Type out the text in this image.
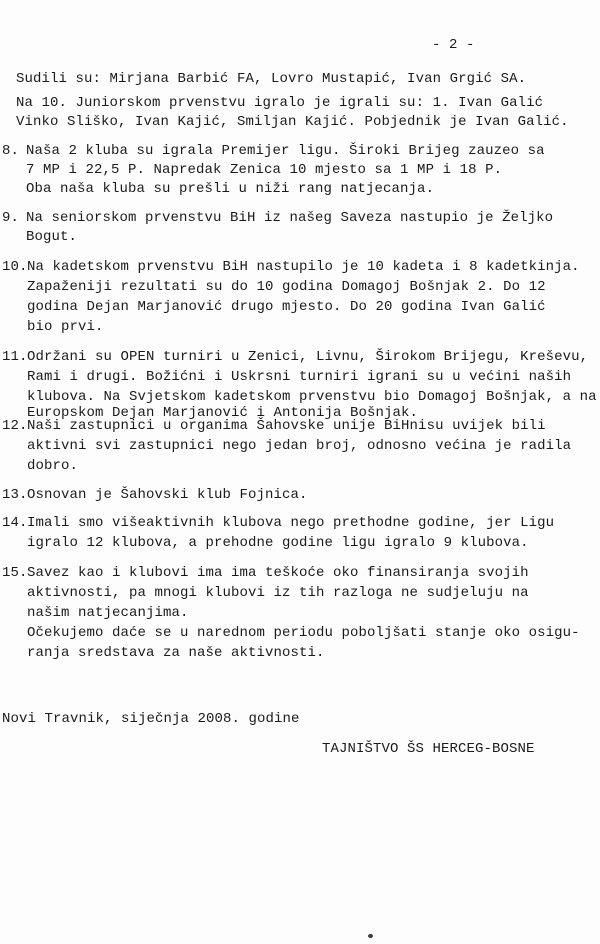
- 2 -
Sudili su: Mirjana Barbić FA, Lovro Mustapić, Ivan Grgić SA.
Na 10. Juniorskom prvenstvu igralo je igrali su: 1. Ivan Galić
Vinko Sliško, Ivan Kajić, Smiljan Kajić. Pobjednik je Ivan Galić.
8. Naša 2 kluba su igrala Premijer ligu. Široki Brijeg zauzeo sa
7 MP i 22,5 P. Napredak Zenica 10 mjesto sa 1 MP i 18 P.
Oba naša kluba su prešli u niži rang natjecanja.
9. Na seniorskom prvenstvu BiH iz našeg Saveza nastupio je Željko
Bogut.
10. Na kadetskom prvenstvu BiH nastupilo je 10 kadeta i 8 kadetkinja.
Zapaženiji rezultati su do 10 godina Domagoj Bošnjak 2. Do 12
godina Dejan Marjanović drugo mjesto. Do 20 godina Ivan Galić
bio prvi.
11. Održani su OPEN turniri u Zenici, Livnu, Širokom Brijegu, Kreševu,
Rami i drugi. Božićni i Uskrsni turniri igrani su u većini naših
klubova. Na Svjetskom kadetskom prvenstvu bio Domagoj Bošnjak, a na
Europskom Dejan Marjanović i Antonija Bošnjak.
12. Naši zastupnici u organima Šahovske unije BiHnisu uvijek bili
aktivni svi zastupnici nego jedan broj, odnosno većina je radila
dobro.
13. Osnovan je Šahovski klub Fojnica.
14. Imali smo višeaktivnih klubova nego prethodne godine, jer Ligu
igralo 12 klubova, a prehodne godine ligu igralo 9 klubova.
15. Savez kao i klubovi ima ima teškoće oko finansiranja svojih
aktivnosti, pa mnogi klubovi iz tih razloga ne sudjeluju na
našim natjecanjima.
Očekujemo daće se u narednom periodu poboljšati stanje oko osigu-
ranja sredstava za naše aktivnosti.
Novi Travnik, siječnja 2008. godine
TAJNIŠTVO ŠS HERCEG-BOSNE
